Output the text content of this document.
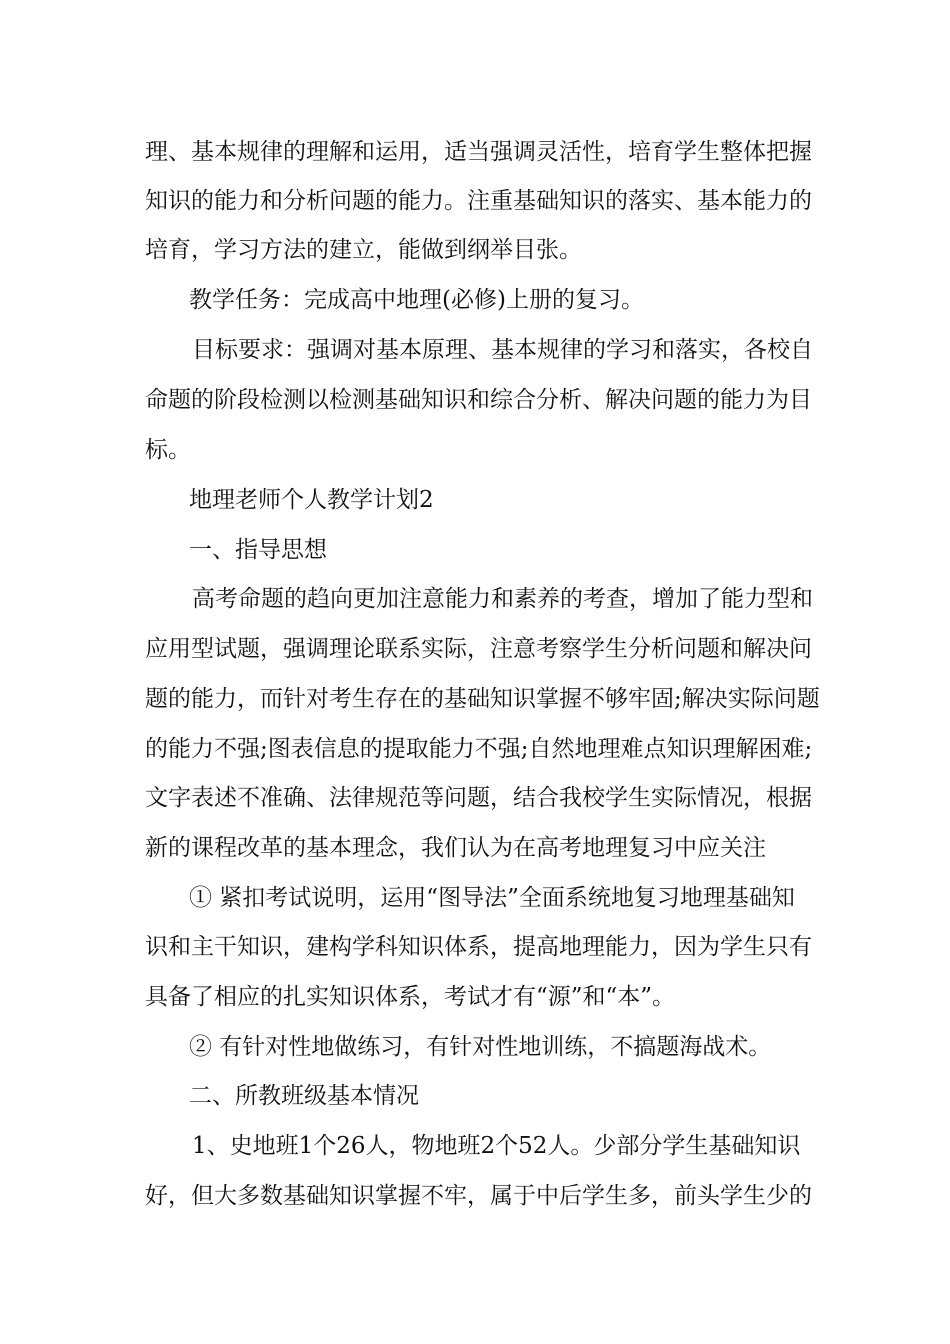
理、基本规律的理解和运用，适当强调灵活性，培育学生整体把握

知识的能力和分析问题的能力。注重基础知识的落实、基本能力的

培育，学习方法的建立，能做到纲举目张。

教学任务：完成高中地理(必修)上册的复习。

目标要求：强调对基本原理、基本规律的学习和落实，各校自

命题的阶段检测以检测基础知识和综合分析、解决问题的能力为目

标。

地理老师个人教学计划2

一、指导思想

高考命题的趋向更加注意能力和素养的考查，增加了能力型和

应用型试题，强调理论联系实际，注意考察学生分析问题和解决问

题的能力，而针对考生存在的基础知识掌握不够牢固;解决实际问题

的能力不强;图表信息的提取能力不强;自然地理难点知识理解困难;

文字表述不准确、法律规范等问题，结合我校学生实际情况，根据

新的课程改革的基本理念，我们认为在高考地理复习中应关注

① 紧扣考试说明，运用“图导法”全面系统地复习地理基础知

识和主干知识，建构学科知识体系，提高地理能力，因为学生只有

具备了相应的扎实知识体系，考试才有“源”和“本”。

② 有针对性地做练习，有针对性地训练，不搞题海战术。

二、所教班级基本情况

1、史地班1个26人，物地班2个52人。少部分学生基础知识

好，但大多数基础知识掌握不牢，属于中后学生多，前头学生少的
